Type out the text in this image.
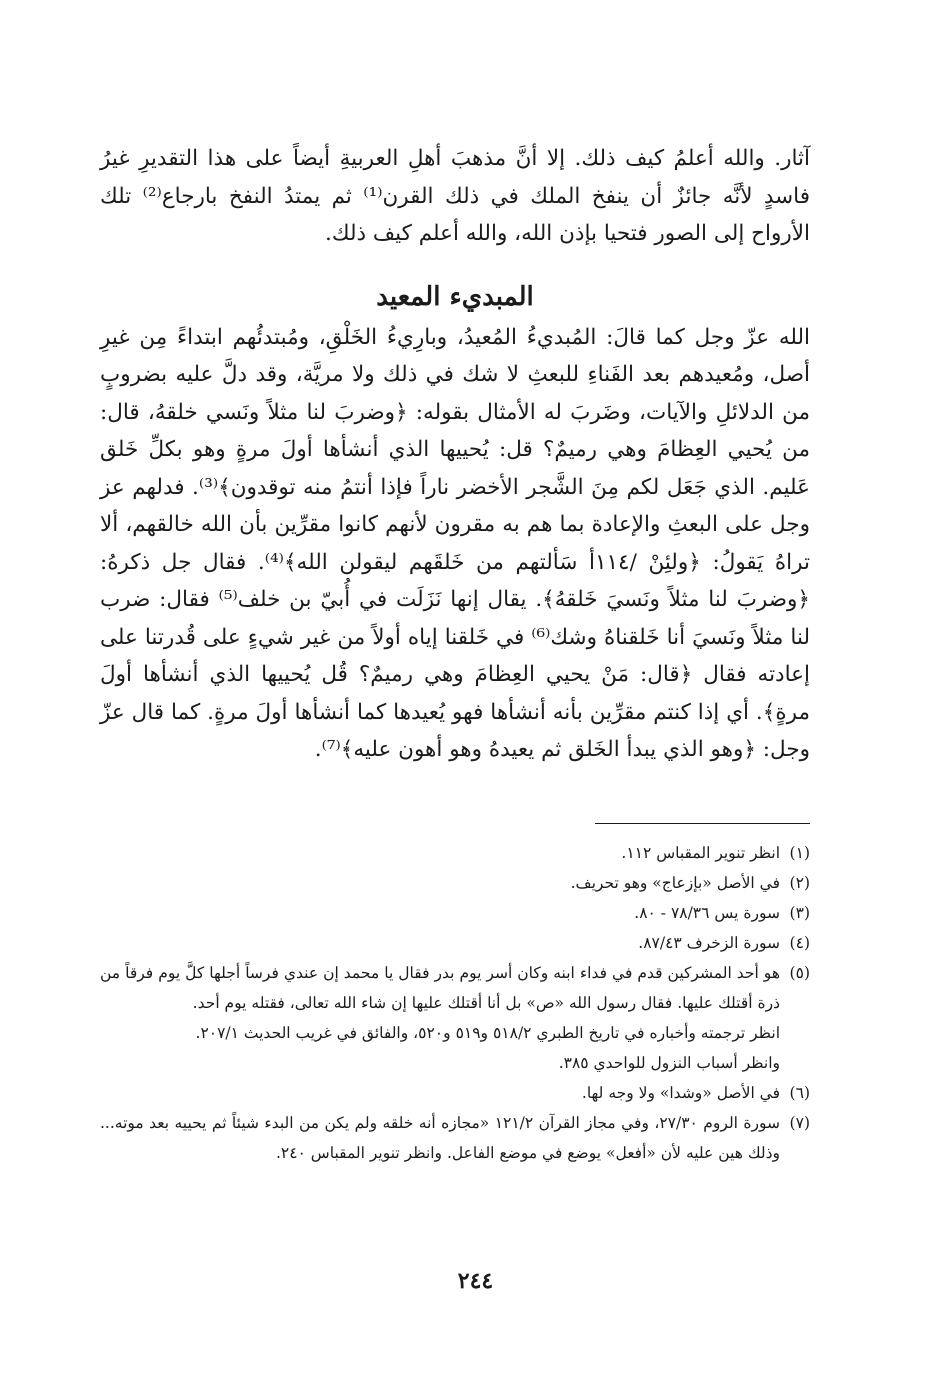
آثار. والله أعلمُ كيف ذلك. إلا أنَّ مذهبَ أهلِ العربيةِ أيضاً على هذا التقديرِ غيرُ فاسدٍ لأنَّه جائزٌ أن ينفخ الملك في ذلك القرن⁽¹⁾ ثم يمتدُ النفخ بارجاع⁽²⁾ تلك الأرواح إلى الصور فتحيا بإذن الله، والله أعلم كيف ذلك.

المبديء المعيد

الله عزّ وجل كما قالَ: المُبديءُ المُعيدُ، وبارِيءُ الخَلْقِ، ومُبتدئُهم ابتداءً مِن غيرِ أصل، ومُعيدهم بعد الفَناءِ للبعثِ لا شك في ذلك ولا مريَّة، وقد دلَّ عليه بضروبٍ من الدلائلِ والآيات، وضَربَ له الأمثال بقوله: ﴿وضربَ لنا مثلاً ونَسي خلقهُ، قال: من يُحيي العِظامَ وهي رميمٌ؟ قل: يُحييها الذي أنشأها أولَ مرةٍ وهو بكلِّ خَلق عَليم. الذي جَعَل لكم مِنَ الشَّجر الأخضر ناراً فإذا أنتمُ منه توقدون﴾⁽³⁾. فدلهم عز وجل على البعثِ والإعادة بما هم به مقرون لأنهم كانوا مقرِّين بأن الله خالقهم، ألا تراهُ يَقولُ: ﴿ولئِنْ /١١٤أ سَألتهم من خَلقَهم ليقولن الله﴾⁽⁴⁾. فقال جل ذكرهُ: ﴿وضربَ لنا مثلاً ونَسيَ خَلقهُ﴾. يقال إنها نَزَلَت في أُبيّ بن خلف⁽⁵⁾ فقال: ضرب لنا مثلاً ونَسيَ أنا خَلقناهُ وشك⁽⁶⁾ في خَلقنا إياه أولاً من غير شيءٍ على قُدرتنا على إعادته فقال ﴿قال: مَنْ يحيي العِظامَ وهي رميمٌ؟ قُل يُحييها الذي أنشأها أولَ مرةٍ﴾. أي إذا كنتم مقرِّين بأنه أنشأها فهو يُعيدها كما أنشأها أولَ مرةٍ. كما قال عزّ وجل: ﴿وهو الذي يبدأ الخَلق ثم يعيدهُ وهو أهون عليه﴾⁽⁷⁾.

(١)
انظر تنوير المقباس ١١٢.
(٢)
في الأصل «بإزعاج» وهو تحريف.
(٣)
سورة يس ٧٨/٣٦ - ٨٠.
(٤)
سورة الزخرف ٨٧/٤٣.
(٥)
هو أحد المشركين قدم في فداء ابنه وكان أسر يوم بدر فقال يا محمد إن عندي فرساً أجلها كلَّ يوم فرقاً من ذرة أقتلك عليها. فقال رسول الله «ص» بل أنا أقتلك عليها إن شاء الله تعالى، فقتله يوم أحد.
انظر ترجمته وأخباره في تاريخ الطبري ٥١٨/٢ و٥١٩ و٥٢٠، والفائق في غريب الحديث ٢٠٧/١.
وانظر أسباب النزول للواحدي ٣٨٥.
(٦)
في الأصل «وشدا» ولا وجه لها.
(٧)
سورة الروم ٢٧/٣٠، وفي مجاز القرآن ١٢١/٢ «مجازه أنه خلقه ولم يكن من البدء شيئاً ثم يحييه بعد موته... وذلك هين عليه لأن «أفعل» يوضع في موضع الفاعل. وانظر تنوير المقباس ٢٤٠.
٢٤٤
